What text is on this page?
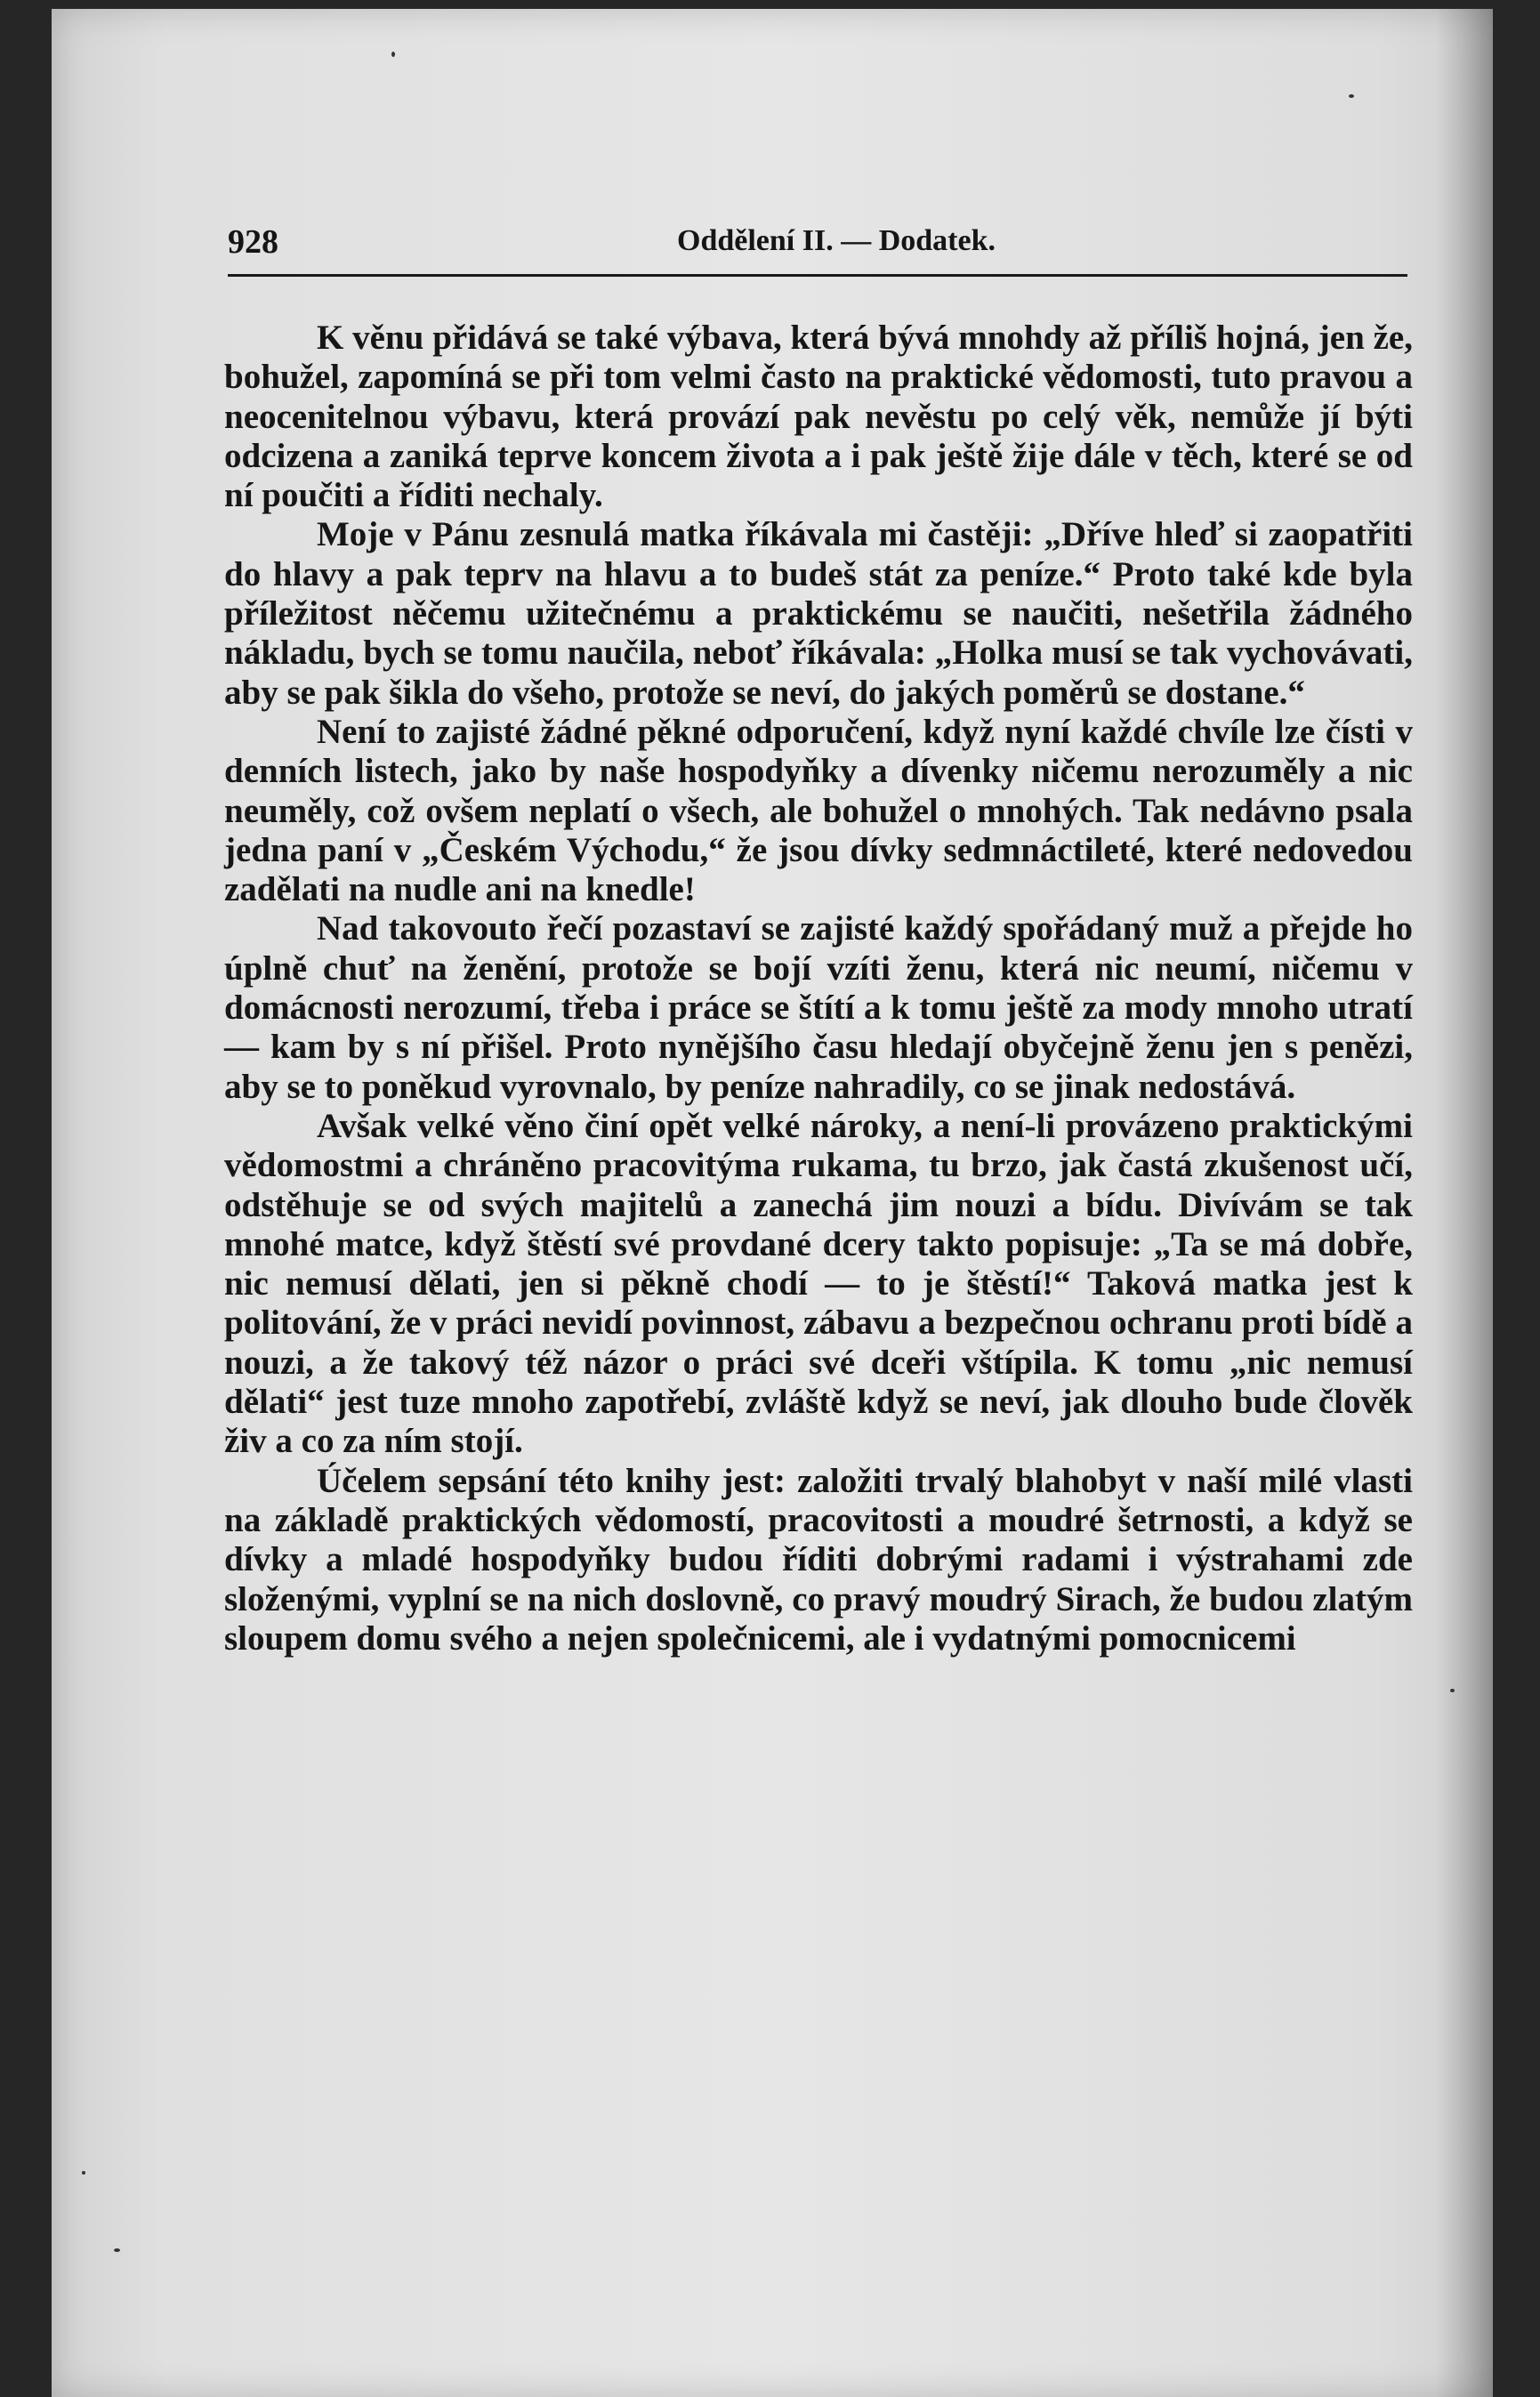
928	Oddělení II. — Dodatek.

K věnu přidává se také výbava, která bývá mnohdy až příliš hojná, jen že, bohužel, zapomíná se při tom velmi často na praktické vědomosti, tuto pravou a neocenitelnou výbavu, která provází pak nevěstu po celý věk, nemůže jí býti odcizena a zaniká teprve koncem života a i pak ještě žije dále v těch, které se od ní poučiti a říditi nechaly.

Moje v Pánu zesnulá matka říkávala mi častěji: „Dříve hleď si zaopatřiti do hlavy a pak teprv na hlavu a to budeš stát za peníze.“ Proto také kde byla příležitost něčemu užitečnému a praktickému se naučiti, nešetřila žádného nákladu, bych se tomu naučila, neboť říkávala: „Holka musí se tak vychovávati, aby se pak šikla do všeho, protože se neví, do jakých poměrů se dostane.“

Není to zajisté žádné pěkné odporučení, když nyní každé chvíle lze čísti v denních listech, jako by naše hospodyňky a dívenky ničemu nerozuměly a nic neuměly, což ovšem neplatí o všech, ale bohužel o mnohých. Tak nedávno psala jedna paní v „Českém Východu,“ že jsou dívky sedmnáctileté, které nedovedou zadělati na nudle ani na knedle!

Nad takovouto řečí pozastaví se zajisté každý spořádaný muž a přejde ho úplně chuť na ženění, protože se bojí vzíti ženu, která nic neumí, ničemu v domácnosti nerozumí, třeba i práce se štítí a k tomu ještě za mody mnoho utratí — kam by s ní přišel. Proto nynějšího času hledají obyčejně ženu jen s penězi, aby se to poněkud vyrovnalo, by peníze nahradily, co se jinak nedostává.

Avšak velké věno činí opět velké nároky, a není-li provázeno praktickými vědomostmi a chráněno pracovitýma rukama, tu brzo, jak častá zkušenost učí, odstěhuje se od svých majitelů a zanechá jim nouzi a bídu. Divívám se tak mnohé matce, když štěstí své provdané dcery takto popisuje: „Ta se má dobře, nic nemusí dělati, jen si pěkně chodí — to je štěstí!“ Taková matka jest k politování, že v práci nevidí povinnost, zábavu a bezpečnou ochranu proti bídě a nouzi, a že takový též názor o práci své dceři vštípila. K tomu „nic nemusí dělati“ jest tuze mnoho zapotřebí, zvláště když se neví, jak dlouho bude člověk živ a co za ním stojí.

Účelem sepsání této knihy jest: založiti trvalý blahobyt v naší milé vlasti na základě praktických vědomostí, pracovitosti a moudré šetrnosti, a když se dívky a mladé hospodyňky budou říditi dobrými radami i výstrahami zde složenými, vyplní se na nich doslovně, co pravý moudrý Sirach, že budou zlatým sloupem domu svého a nejen společnicemi, ale i vydatnými pomocnicemi
